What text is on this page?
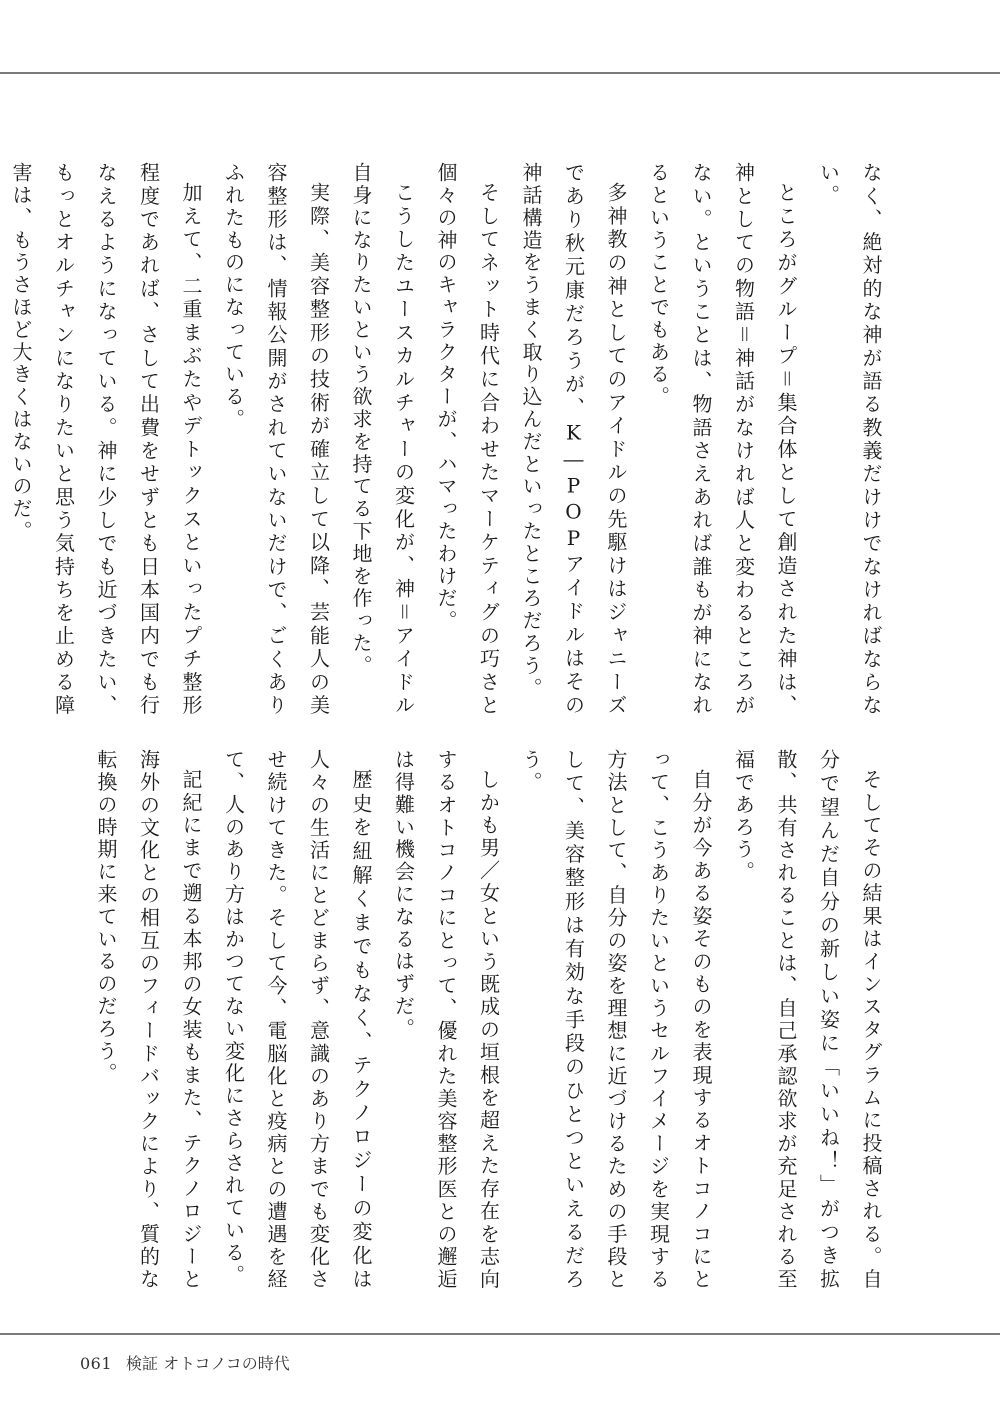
なく、絶対的な神が語る教義だけけでなければならない。

ところがグループ＝集合体として創造された神は、神としての物語＝神話がなければ人と変わるところがない。ということは、物語さえあれば誰もが神になれるということでもある。

多神教の神としてのアイドルの先駆けはジャニーズであり秋元康だろうが、K―POPアイドルはその神話構造をうまく取り込んだといったところだろう。

そしてネット時代に合わせたマーケティグの巧さと個々の神のキャラクターが、ハマったわけだ。

こうしたユースカルチャーの変化が、神＝アイドル自身になりたいという欲求を持てる下地を作った。

実際、美容整形の技術が確立して以降、芸能人の美容整形は、情報公開がされていないだけで、ごくありふれたものになっている。

加えて、二重まぶたやデトックスといったプチ整形程度であれば、さして出費をせずとも日本国内でも行なえるようになっている。神に少しでも近づきたい、もっとオルチャンになりたいと思う気持ちを止める障害は、もうさほど大きくはないのだ。

そしてその結果はインスタグラムに投稿される。自分で望んだ自分の新しい姿に「いいね！」がつき拡散、共有されることは、自己承認欲求が充足される至福であろう。

自分が今ある姿そのものを表現するオトコノコにとって、こうありたいというセルフイメージを実現する方法として、自分の姿を理想に近づけるための手段として、美容整形は有効な手段のひとつといえるだろう。

しかも男／女という既成の垣根を超えた存在を志向するオトコノコにとって、優れた美容整形医との邂逅は得難い機会になるはずだ。

歴史を紐解くまでもなく、テクノロジーの変化は人々の生活にとどまらず、意識のあり方までも変化させ続けてきた。そして今、電脳化と疫病との遭遇を経て、人のあり方はかつてない変化にさらされている。

記紀にまで遡る本邦の女装もまた、テクノロジーと海外の文化との相互のフィードバックにより、質的な転換の時期に来ているのだろう。

061 検証 オトコノコの時代
